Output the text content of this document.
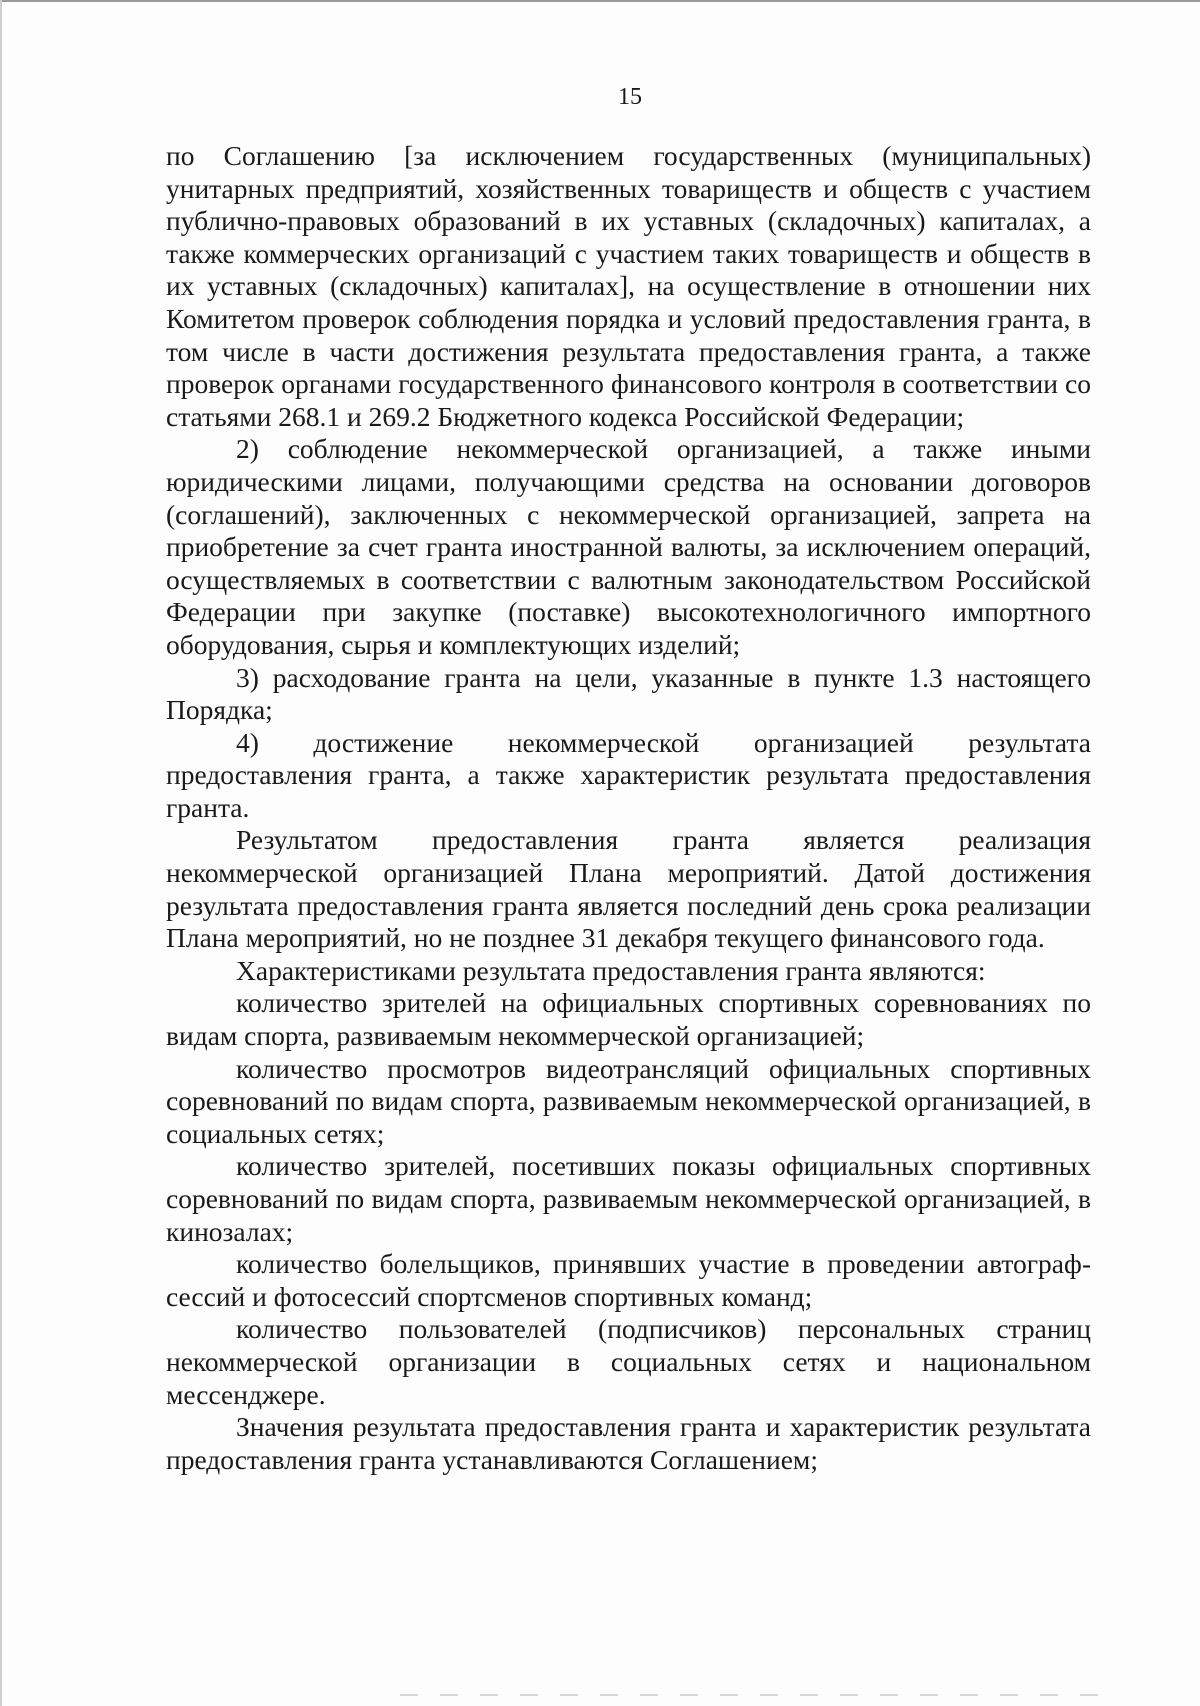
15

по Соглашению [за исключением государственных (муниципальных) унитарных предприятий, хозяйственных товариществ и обществ с участием публично-правовых образований в их уставных (складочных) капиталах, а также коммерческих организаций с участием таких товариществ и обществ в их уставных (складочных) капиталах], на осуществление в отношении них Комитетом проверок соблюдения порядка и условий предоставления гранта, в том числе в части достижения результата предоставления гранта, а также проверок органами государственного финансового контроля в соответствии со статьями 268.1 и 269.2 Бюджетного кодекса Российской Федерации;

2) соблюдение некоммерческой организацией, а также иными юридическими лицами, получающими средства на основании договоров (соглашений), заключенных с некоммерческой организацией, запрета на приобретение за счет гранта иностранной валюты, за исключением операций, осуществляемых в соответствии с валютным законодательством Российской Федерации при закупке (поставке) высокотехнологичного импортного оборудования, сырья и комплектующих изделий;

3) расходование гранта на цели, указанные в пункте 1.3 настоящего Порядка;

4) достижение некоммерческой организацией результата предоставления гранта, а также характеристик результата предоставления гранта.

Результатом предоставления гранта является реализация некоммерческой организацией Плана мероприятий. Датой достижения результата предоставления гранта является последний день срока реализации Плана мероприятий, но не позднее 31 декабря текущего финансового года.

Характеристиками результата предоставления гранта являются:

количество зрителей на официальных спортивных соревнованиях по видам спорта, развиваемым некоммерческой организацией;

количество просмотров видеотрансляций официальных спортивных соревнований по видам спорта, развиваемым некоммерческой организацией, в социальных сетях;

количество зрителей, посетивших показы официальных спортивных соревнований по видам спорта, развиваемым некоммерческой организацией, в кинозалах;

количество болельщиков, принявших участие в проведении автограф-сессий и фотосессий спортсменов спортивных команд;

количество пользователей (подписчиков) персональных страниц некоммерческой организации в социальных сетях и национальном мессенджере.

Значения результата предоставления гранта и характеристик результата предоставления гранта устанавливаются Соглашением;
